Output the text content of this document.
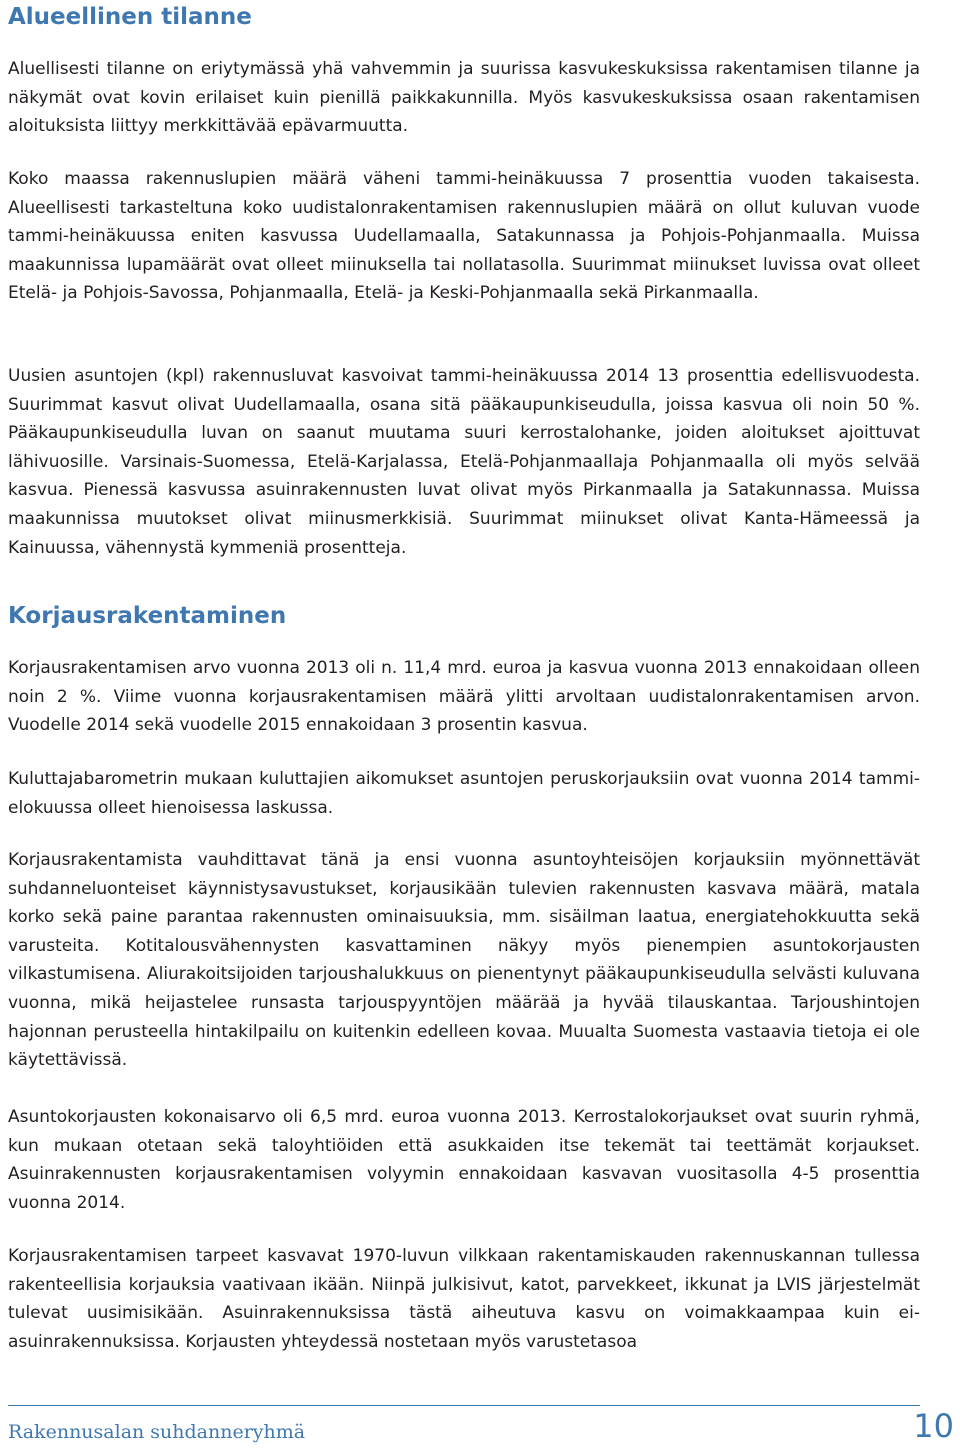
Alueellinen tilanne

Aluellisesti tilanne on eriytymässä yhä vahvemmin ja suurissa kasvukeskuksissa rakentamisen tilanne ja näkymät ovat kovin erilaiset kuin pienillä paikkakunnilla. Myös kasvukeskuksissa osaan rakentamisen aloituksista liittyy merkkittävää epävarmuutta.

Koko maassa rakennuslupien määrä väheni tammi-heinäkuussa 7 prosenttia vuoden takaisesta. Alueellisesti tarkasteltuna koko uudistalonrakentamisen rakennuslupien määrä on ollut kuluvan vuode tammi-heinäkuussa eniten kasvussa Uudellamaalla, Satakunnassa ja Pohjois-Pohjanmaalla. Muissa maakunnissa lupamäärät ovat olleet miinuksella tai nollatasolla. Suurimmat miinukset luvissa ovat olleet Etelä- ja Pohjois-Savossa, Pohjanmaalla, Etelä- ja Keski-Pohjanmaalla sekä Pirkanmaalla.

Uusien asuntojen (kpl) rakennusluvat kasvoivat tammi-heinäkuussa 2014 13 prosenttia edellisvuodesta. Suurimmat kasvut olivat Uudellamaalla, osana sitä pääkaupunkiseudulla, joissa kasvua oli noin 50 %. Pääkaupunkiseudulla luvan on saanut muutama suuri kerrostalohanke, joiden aloitukset ajoittuvat lähivuosille. Varsinais-Suomessa, Etelä-Karjalassa, Etelä-Pohjanmaallaja Pohjanmaalla oli myös selvää kasvua. Pienessä kasvussa asuinrakennusten luvat olivat myös Pirkanmaalla ja Satakunnassa. Muissa maakunnissa muutokset olivat miinusmerkkisiä. Suurimmat miinukset olivat Kanta-Hämeessä ja Kainuussa, vähennystä kymmeniä prosentteja.

Korjausrakentaminen

Korjausrakentamisen arvo vuonna 2013 oli n. 11,4 mrd. euroa ja kasvua vuonna 2013 ennakoidaan olleen noin 2 %. Viime vuonna korjausrakentamisen määrä ylitti arvoltaan uudistalonrakentamisen arvon. Vuodelle 2014 sekä vuodelle 2015 ennakoidaan 3 prosentin kasvua.

Kuluttajabarometrin mukaan kuluttajien aikomukset asuntojen peruskorjauksiin ovat vuonna 2014 tammi-elokuussa olleet hienoisessa laskussa.

Korjausrakentamista vauhdittavat tänä ja ensi vuonna asuntoyhteisöjen korjauksiin myönnettävät suhdanneluonteiset käynnistysavustukset, korjausikään tulevien rakennusten kasvava määrä, matala korko sekä paine parantaa rakennusten ominaisuuksia, mm. sisäilman laatua, energiatehokkuutta sekä varusteita. Kotitalousvähennysten kasvattaminen näkyy myös pienempien asuntokorjausten vilkastumisena. Aliurakoitsijoiden tarjoushalukkuus on pienentynyt pääkaupunkiseudulla selvästi kuluvana vuonna, mikä heijastelee runsasta tarjouspyyntöjen määrää ja hyvää tilauskantaa. Tarjoushintojen hajonnan perusteella hintakilpailu on kuitenkin edelleen kovaa. Muualta Suomesta vastaavia tietoja ei ole käytettävissä.

Asuntokorjausten kokonaisarvo oli 6,5 mrd. euroa vuonna 2013. Kerrostalokorjaukset ovat suurin ryhmä, kun mukaan otetaan sekä taloyhtiöiden että asukkaiden itse tekemät tai teettämät korjaukset. Asuinrakennusten korjausrakentamisen volyymin ennakoidaan kasvavan vuositasolla 4-5 prosenttia vuonna 2014.

Korjausrakentamisen tarpeet kasvavat 1970-luvun vilkkaan rakentamiskauden rakennuskannan tullessa rakenteellisia korjauksia vaativaan ikään. Niinpä julkisivut, katot, parvekkeet, ikkunat ja LVIS järjestelmät tulevat uusimisikään. Asuinrakennuksissa tästä aiheutuva kasvu on voimakkaampaa kuin ei-asuinrakennuksissa. Korjausten yhteydessä nostetaan myös varustetasoa

Rakennusalan suhdanneryhmä	10
